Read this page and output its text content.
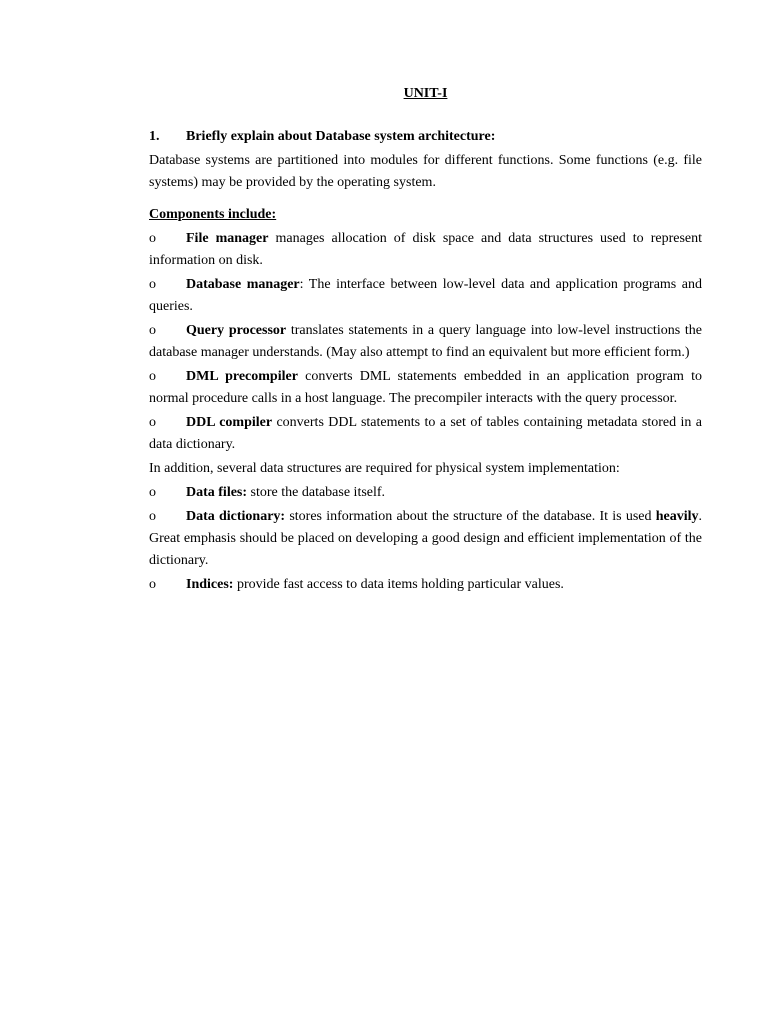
UNIT-I
1.	Briefly explain about Database system architecture:

Database systems are partitioned into modules for different functions. Some functions (e.g. file systems) may be provided by the operating system.

Components include:

o File manager manages allocation of disk space and data structures used to represent information on disk.

o Database manager: The interface between low-level data and application programs and queries.

o Query processor translates statements in a query language into low-level instructions the database manager understands. (May also attempt to find an equivalent but more efficient form.)

o DML precompiler converts DML statements embedded in an application program to normal procedure calls in a host language. The precompiler interacts with the query processor.

o DDL compiler converts DDL statements to a set of tables containing metadata stored in a data dictionary.

In addition, several data structures are required for physical system implementation:

o Data files: store the database itself.

o Data dictionary: stores information about the structure of the database. It is used heavily. Great emphasis should be placed on developing a good design and efficient implementation of the dictionary.

o Indices: provide fast access to data items holding particular values.
